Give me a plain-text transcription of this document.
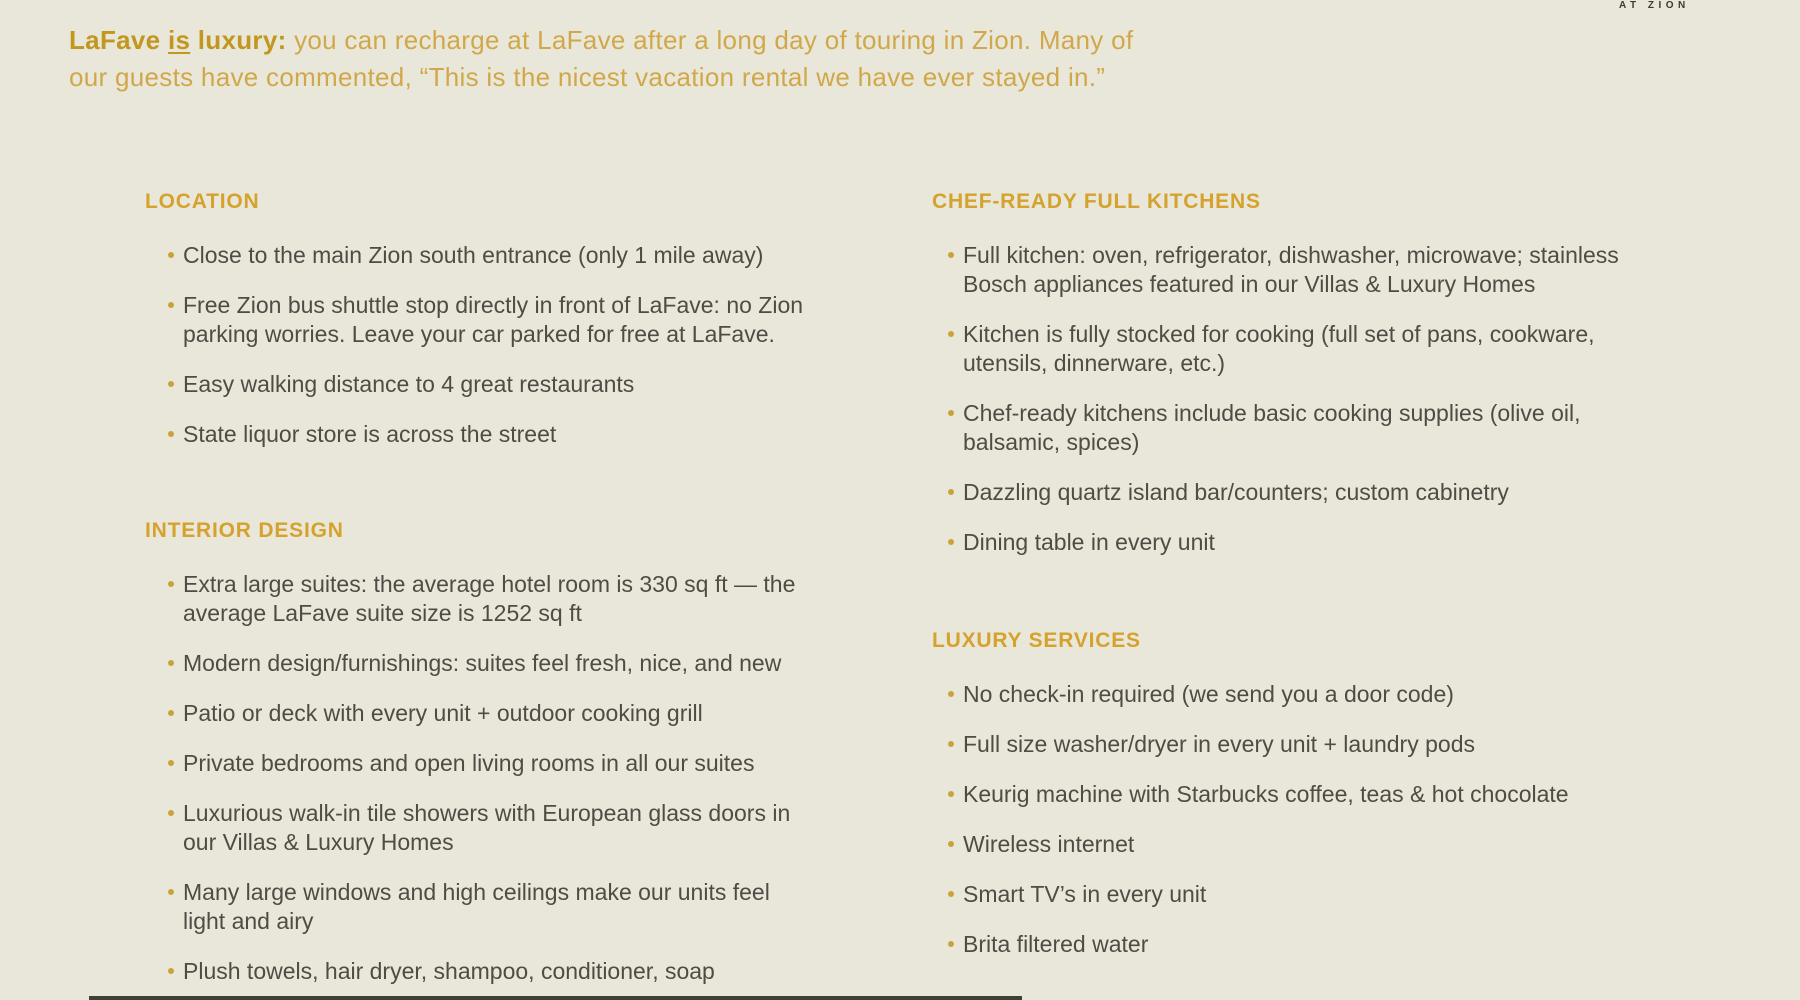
AT ZION
LaFave is luxury: you can recharge at LaFave after a long day of touring in Zion. Many of
our guests have commented, “This is the nicest vacation rental we have ever stayed in.”
LOCATION
Close to the main Zion south entrance (only 1 mile away)
Free Zion bus shuttle stop directly in front of LaFave: no Zion
parking worries. Leave your car parked for free at LaFave.
Easy walking distance to 4 great restaurants
State liquor store is across the street
INTERIOR DESIGN
Extra large suites: the average hotel room is 330 sq ft — the
average LaFave suite size is 1252 sq ft
Modern design/furnishings: suites feel fresh, nice, and new
Patio or deck with every unit + outdoor cooking grill
Private bedrooms and open living rooms in all our suites
Luxurious walk-in tile showers with European glass doors in
our Villas & Luxury Homes
Many large windows and high ceilings make our units feel
light and airy
Plush towels, hair dryer, shampoo, conditioner, soap
CHEF-READY FULL KITCHENS
Full kitchen: oven, refrigerator, dishwasher, microwave; stainless
Bosch appliances featured in our Villas & Luxury Homes
Kitchen is fully stocked for cooking (full set of pans, cookware,
utensils, dinnerware, etc.)
Chef-ready kitchens include basic cooking supplies (olive oil,
balsamic, spices)
Dazzling quartz island bar/counters; custom cabinetry
Dining table in every unit
LUXURY SERVICES
No check-in required (we send you a door code)
Full size washer/dryer in every unit + laundry pods
Keurig machine with Starbucks coffee, teas & hot chocolate
Wireless internet
Smart TV’s in every unit
Brita filtered water
